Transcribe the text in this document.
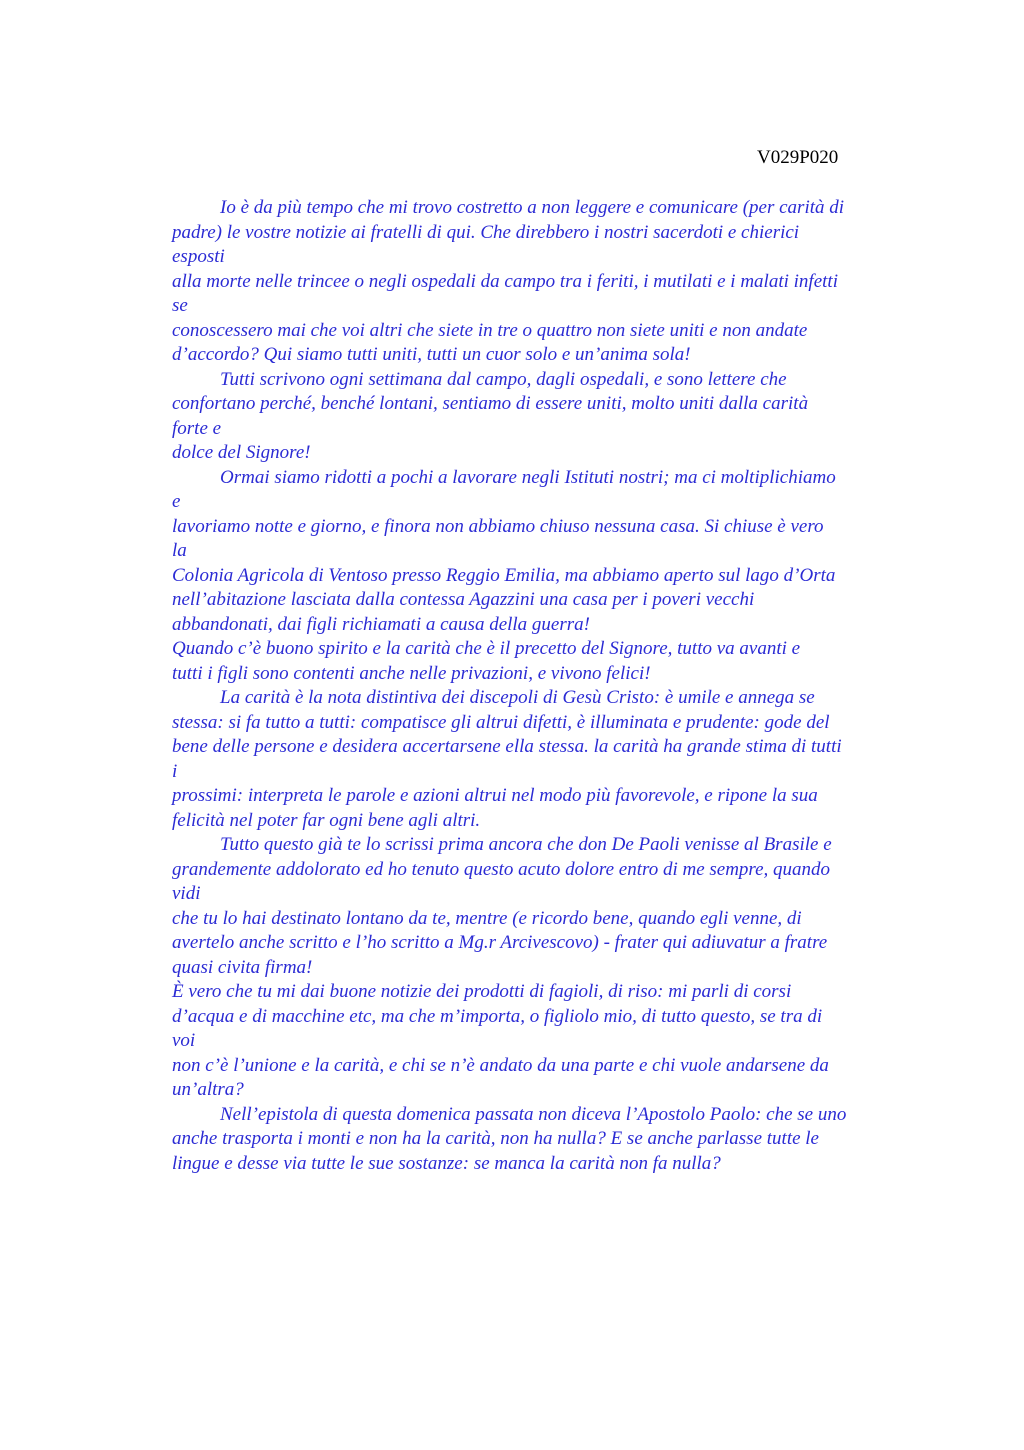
V029P020
Io è da più tempo che mi trovo costretto a non leggere e comunicare (per carità di
padre) le vostre notizie ai fratelli di qui. Che direbbero i nostri sacerdoti e chierici
esposti
alla morte nelle trincee o negli ospedali da campo tra i feriti, i mutilati e i malati infetti
se
conoscessero mai che voi altri che siete in tre o quattro non siete uniti e non andate
d’accordo? Qui siamo tutti uniti, tutti un cuor solo e un’anima sola!
Tutti scrivono ogni settimana dal campo, dagli ospedali, e sono lettere che
confortano perché, benché lontani, sentiamo di essere uniti, molto uniti dalla carità
forte e
dolce del Signore!
Ormai siamo ridotti a pochi a lavorare negli Istituti nostri; ma ci moltiplichiamo
e
lavoriamo notte e giorno, e finora non abbiamo chiuso nessuna casa. Si chiuse è vero
la
Colonia Agricola di Ventoso presso Reggio Emilia, ma abbiamo aperto sul lago d’Orta
nell’abitazione lasciata dalla contessa Agazzini una casa per i poveri vecchi
abbandonati, dai figli richiamati a causa della guerra!
Quando c’è buono spirito e la carità che è il precetto del Signore, tutto va avanti e
tutti i figli sono contenti anche nelle privazioni, e vivono felici!
La carità è la nota distintiva dei discepoli di Gesù Cristo: è umile e annega se
stessa: si fa tutto a tutti: compatisce gli altrui difetti, è illuminata e prudente: gode del
bene delle persone e desidera accertarsene ella stessa. la carità ha grande stima di tutti
i
prossimi: interpreta le parole e azioni altrui nel modo più favorevole, e ripone la sua
felicità nel poter far ogni bene agli altri.
Tutto questo già te lo scrissi prima ancora che don De Paoli venisse al Brasile e
grandemente addolorato ed ho tenuto questo acuto dolore entro di me sempre, quando
vidi
che tu lo hai destinato lontano da te, mentre (e ricordo bene, quando egli venne, di
avertelo anche scritto e l’ho scritto a Mg.r Arcivescovo) - frater qui adiuvatur a fratre
quasi civita firma!
È vero che tu mi dai buone notizie dei prodotti di fagioli, di riso: mi parli di corsi
d’acqua e di macchine etc, ma che m’importa, o figliolo mio, di tutto questo, se tra di
voi
non c’è l’unione e la carità, e chi se n’è andato da una parte e chi vuole andarsene da
un’altra?
Nell’epistola di questa domenica passata non diceva l’Apostolo Paolo: che se uno
anche trasporta i monti e non ha la carità, non ha nulla? E se anche parlasse tutte le
lingue e desse via tutte le sue sostanze: se manca la carità non fa nulla?
